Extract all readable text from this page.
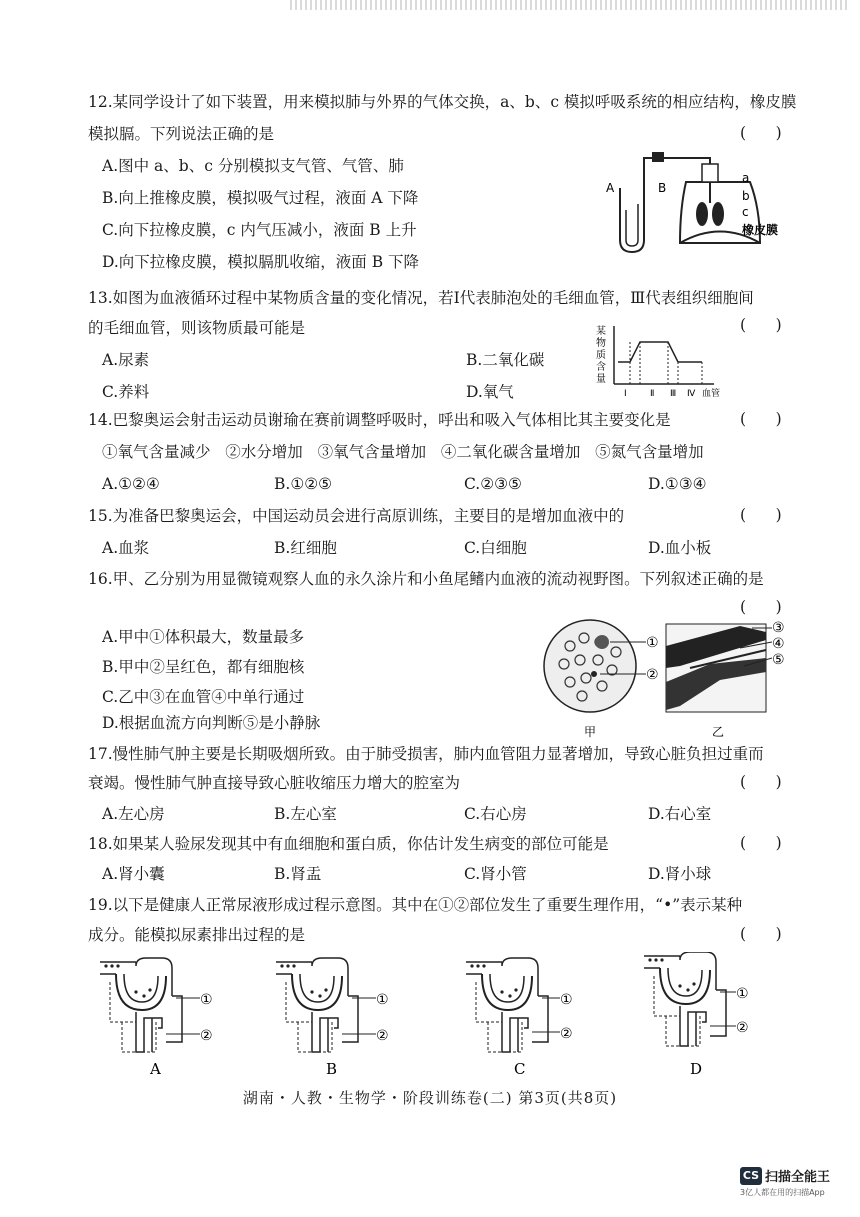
12.某同学设计了如下装置，用来模拟肺与外界的气体交换，a、b、c 模拟呼吸系统的相应结构，橡皮膜
模拟膈。下列说法正确的是	(      )
A.图中 a、b、c 分别模拟支气管、气管、肺
B.向上推橡皮膜，模拟吸气过程，液面 A 下降
C.向下拉橡皮膜，c 内气压减小，液面 B 上升
D.向下拉橡皮膜，模拟膈肌收缩，液面 B 下降
A	B
a
b
c
橡皮膜
13.如图为血液循环过程中某物质含量的变化情况，若Ⅰ代表肺泡处的毛细血管，Ⅲ代表组织细胞间
的毛细血管，则该物质最可能是	(      )
A.尿素	B.二氧化碳
C.养料	D.氧气
某
物
质
含
量
I	Ⅱ Ⅲ Ⅳ 血管
14.巴黎奥运会射击运动员谢瑜在赛前调整呼吸时，呼出和吸入气体相比其主要变化是	(      )
①氧气含量减少   ②水分增加   ③氧气含量增加   ④二氧化碳含量增加   ⑤氮气含量增加
A.①②④	B.①②⑤	C.②③⑤	D.①③④
15.为准备巴黎奥运会，中国运动员会进行高原训练，主要目的是增加血液中的	(      )
A.血浆	B.红细胞	C.白细胞	D.血小板
16.甲、乙分别为用显微镜观察人血的永久涂片和小鱼尾鳍内血液的流动视野图。下列叙述正确的是
(      )
A.甲中①体积最大，数量最多
B.甲中②呈红色，都有细胞核
C.乙中③在血管④中单行通过
D.根据血流方向判断⑤是小静脉
①
②
③
④
⑤
甲	乙
17.慢性肺气肿主要是长期吸烟所致。由于肺受损害，肺内血管阻力显著增加，导致心脏负担过重而
衰竭。慢性肺气肿直接导致心脏收缩压力增大的腔室为	(      )
A.左心房	B.左心室	C.右心房	D.右心室
18.如果某人验尿发现其中有血细胞和蛋白质，你估计发生病变的部位可能是	(      )
A.肾小囊	B.肾盂	C.肾小管	D.肾小球
19.以下是健康人正常尿液形成过程示意图。其中在①②部位发生了重要生理作用，“•”表示某种
成分。能模拟尿素排出过程的是	(      )
①
②
①
②
①
②
①
②
A	B	C	D
湖南・人教・生物学・阶段训练卷(二) 第3页(共8页)
CS 扫描全能王
3亿人都在用的扫描App
